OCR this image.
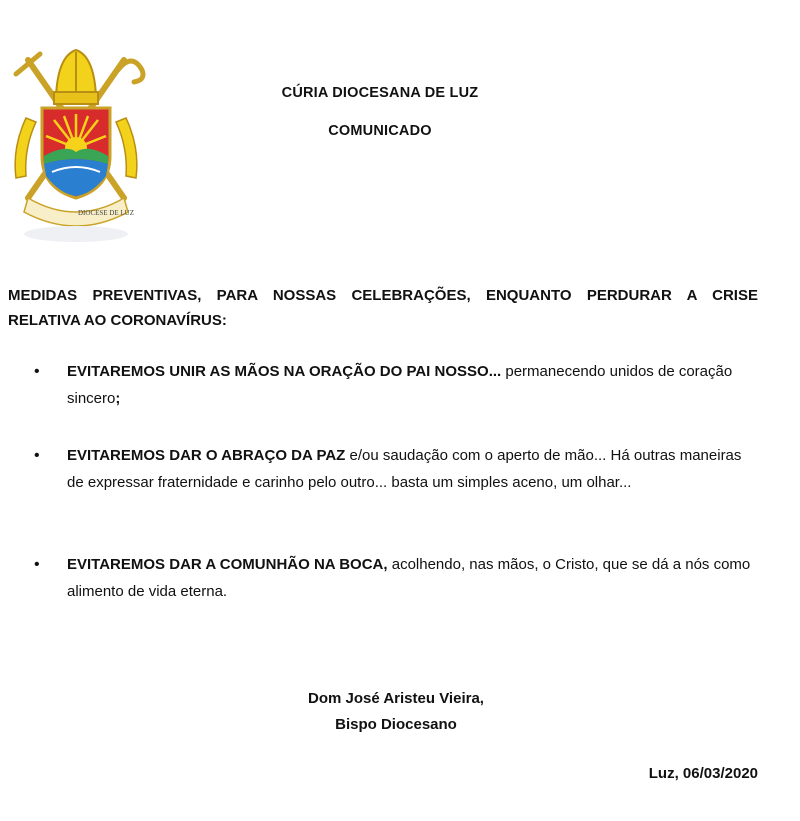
DIOCESE DE LUZ
CÚRIA DIOCESANA DE LUZ
COMUNICADO
MEDIDAS PREVENTIVAS, PARA NOSSAS CELEBRAÇÕES, ENQUANTO PERDURAR A CRISE
RELATIVA AO CORONAVÍRUS:
• EVITAREMOS UNIR AS MÃOS NA ORAÇÃO DO PAI NOSSO... permanecendo unidos de coração sincero;
• EVITAREMOS DAR O ABRAÇO DA PAZ e/ou saudação com o aperto de mão... Há outras maneiras de expressar fraternidade e carinho pelo outro... basta um simples aceno, um olhar...
• EVITAREMOS DAR A COMUNHÃO NA BOCA, acolhendo, nas mãos, o Cristo, que se dá a nós como alimento de vida eterna.
Dom José Aristeu Vieira,
Bispo Diocesano
Luz, 06/03/2020
